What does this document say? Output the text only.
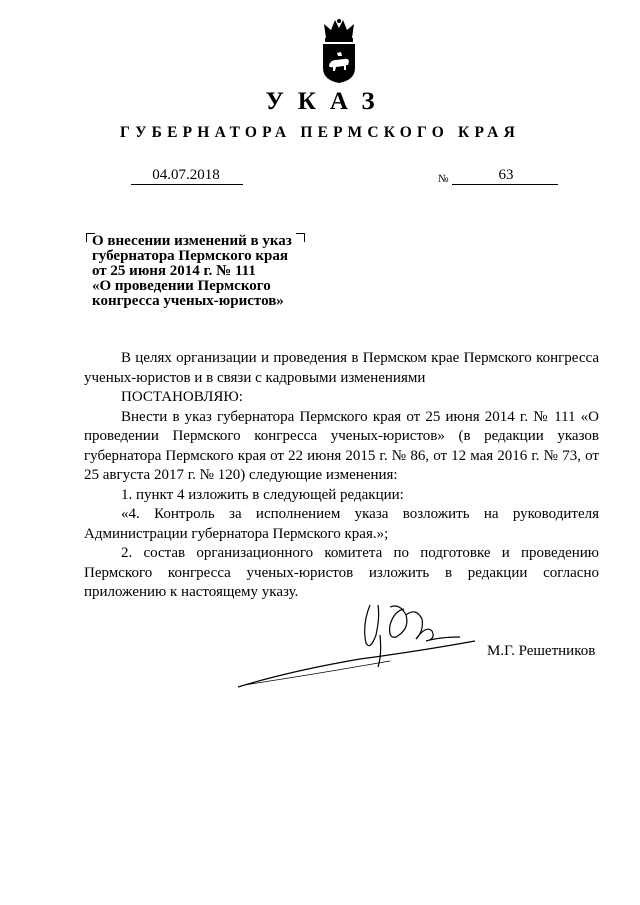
УКАЗ
ГУБЕРНАТОРА ПЕРМСКОГО КРАЯ
04.07.2018	№	63
О внесении изменений в указ
губернатора Пермского края
от 25 июня 2014 г. № 111
«О проведении Пермского
конгресса ученых-юристов»

В целях организации и проведения в Пермском крае Пермского конгресса ученых-юристов и в связи с кадровыми изменениями

ПОСТАНОВЛЯЮ:

Внести в указ губернатора Пермского края от 25 июня 2014 г. № 111 «О проведении Пермского конгресса ученых-юристов» (в редакции указов губернатора Пермского края от 22 июня 2015 г. № 86, от 12 мая 2016 г. № 73, от 25 августа 2017 г. № 120) следующие изменения:

1. пункт 4 изложить в следующей редакции:

«4. Контроль за исполнением указа возложить на руководителя Администрации губернатора Пермского края.»;

2. состав организационного комитета по подготовке и проведению Пермского конгресса ученых-юристов изложить в редакции согласно приложению к настоящему указу.

М.Г. Решетников
